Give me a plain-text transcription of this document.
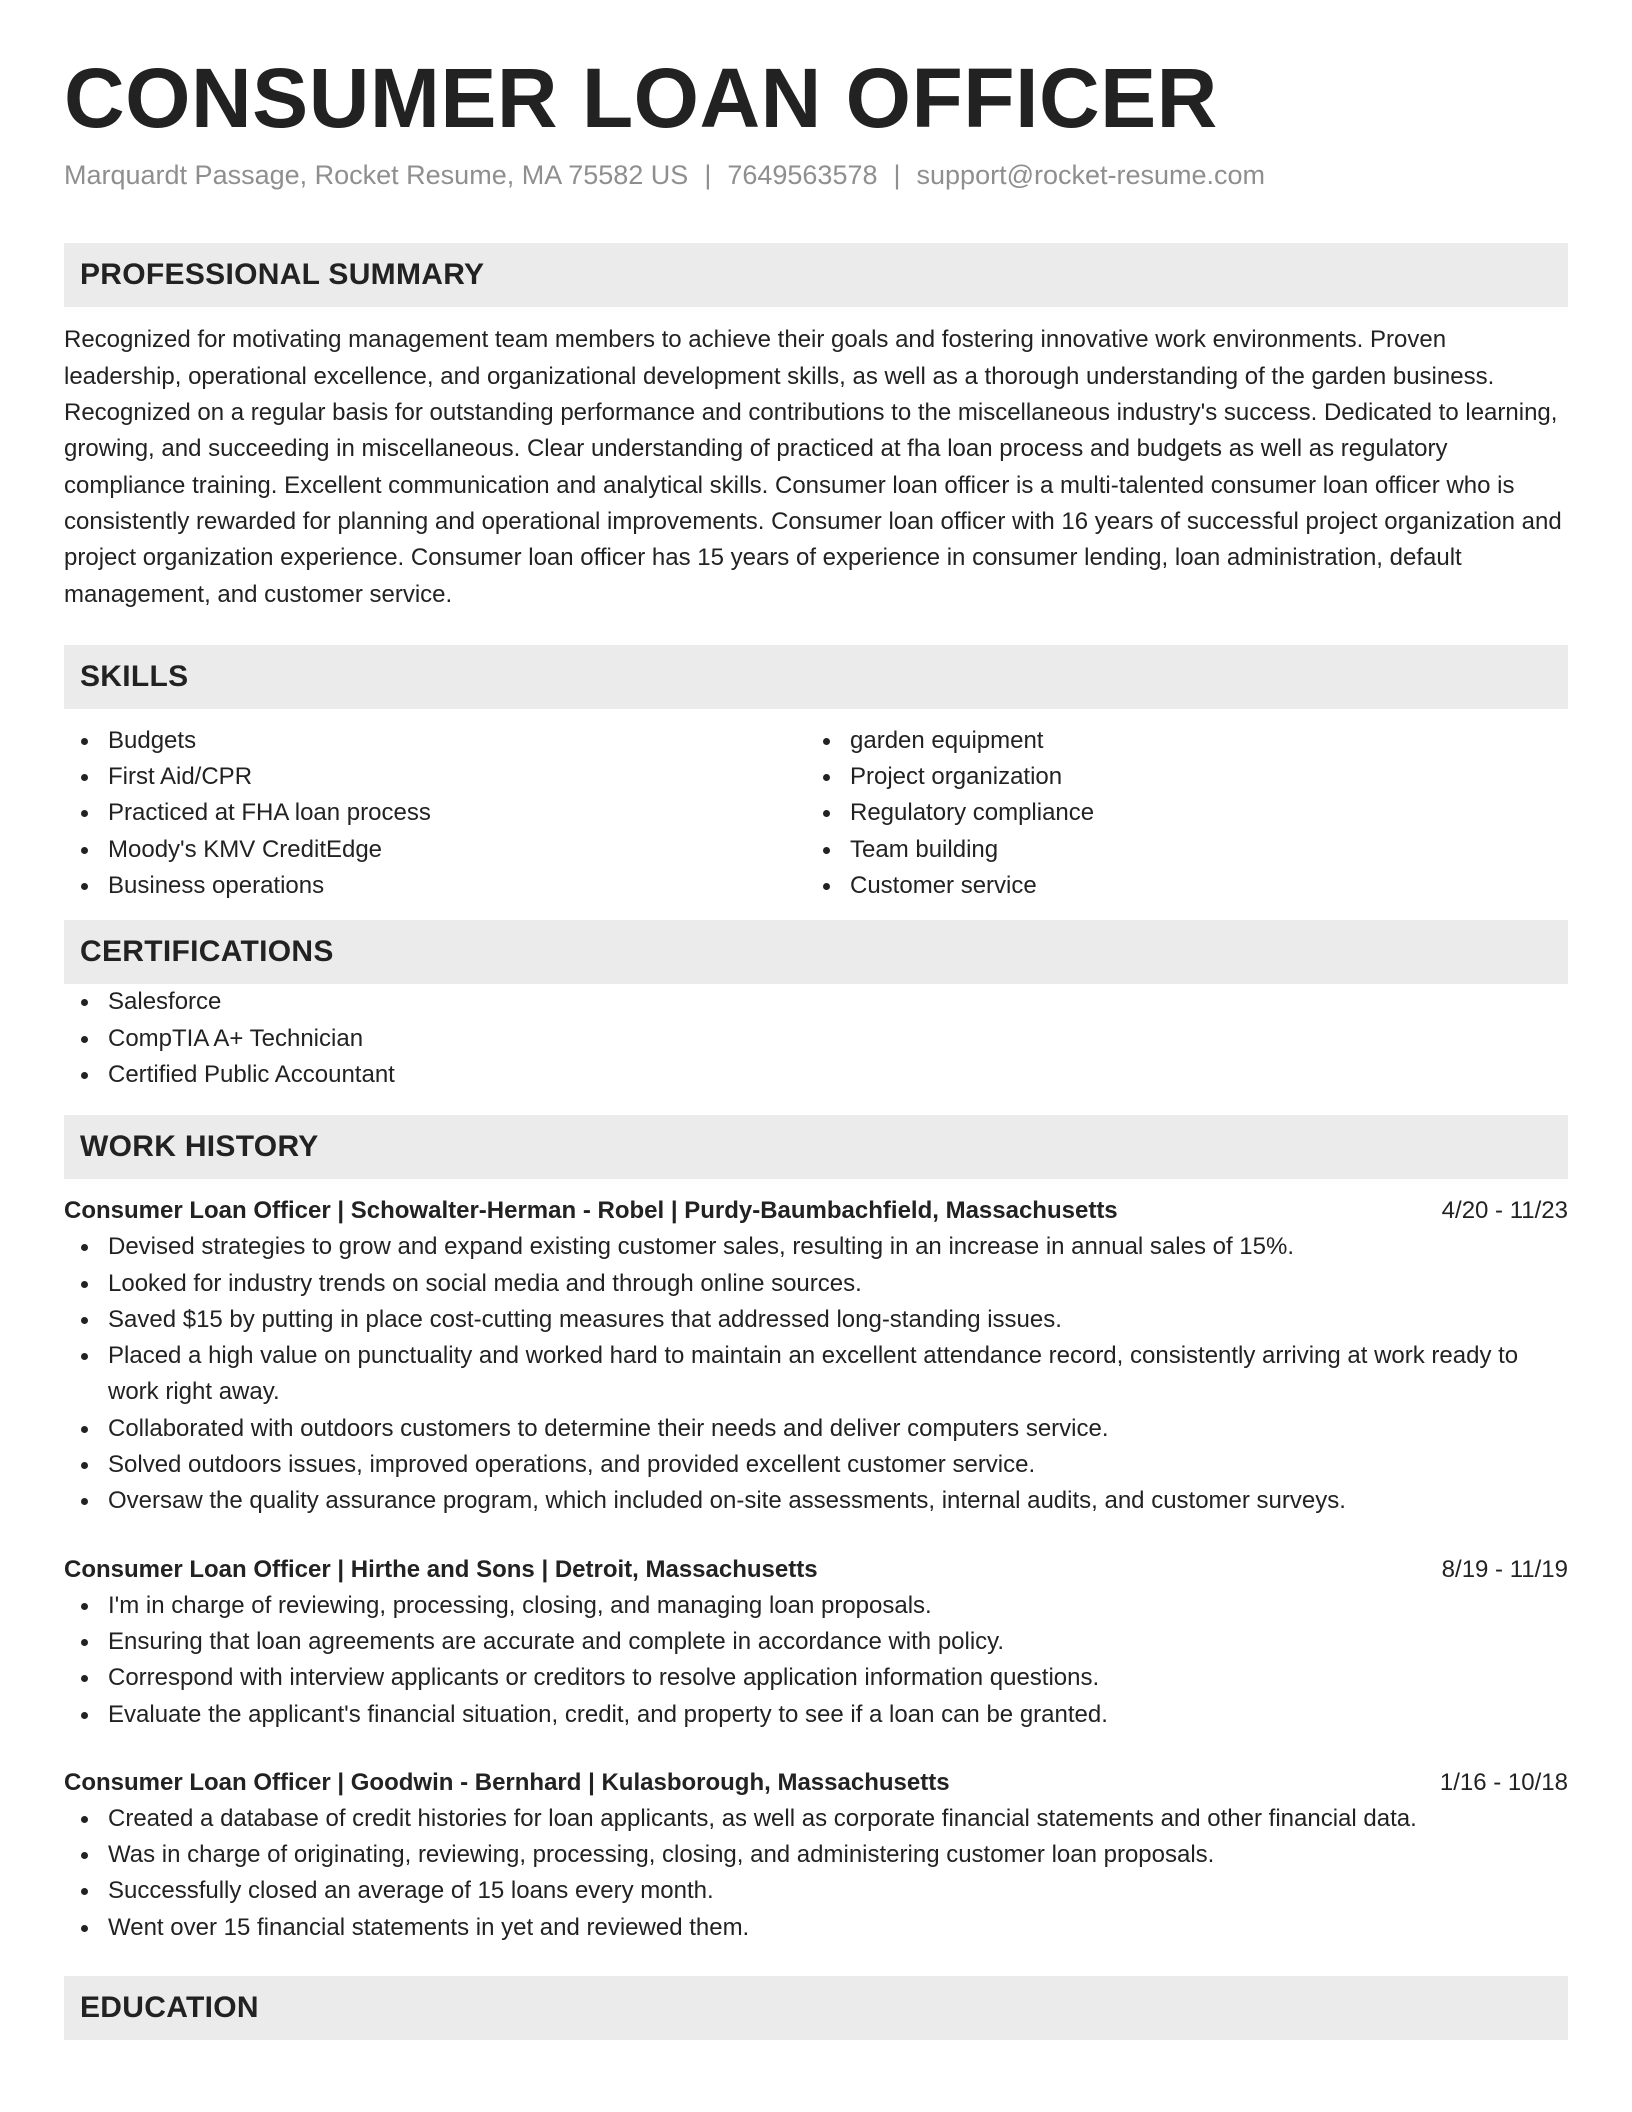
CONSUMER LOAN OFFICER
Marquardt Passage, Rocket Resume, MA 75582 US | 7649563578 | support@rocket-resume.com
PROFESSIONAL SUMMARY

Recognized for motivating management team members to achieve their goals and fostering innovative work environments. Proven leadership, operational excellence, and organizational development skills, as well as a thorough understanding of the garden business. Recognized on a regular basis for outstanding performance and contributions to the miscellaneous industry's success. Dedicated to learning, growing, and succeeding in miscellaneous. Clear understanding of practiced at fha loan process and budgets as well as regulatory compliance training. Excellent communication and analytical skills. Consumer loan officer is a multi-talented consumer loan officer who is consistently rewarded for planning and operational improvements. Consumer loan officer with 16 years of successful project organization and project organization experience. Consumer loan officer has 15 years of experience in consumer lending, loan administration, default management, and customer service.

SKILLS
Budgets
First Aid/CPR
Practiced at FHA loan process
Moody's KMV CreditEdge
Business operations
garden equipment
Project organization
Regulatory compliance
Team building
Customer service
CERTIFICATIONS
Salesforce
CompTIA A+ Technician
Certified Public Accountant
WORK HISTORY
Consumer Loan Officer | Schowalter-Herman - Robel | Purdy-Baumbachfield, Massachusetts	4/20 - 11/23
Devised strategies to grow and expand existing customer sales, resulting in an increase in annual sales of 15%.
Looked for industry trends on social media and through online sources.
Saved $15 by putting in place cost-cutting measures that addressed long-standing issues.
Placed a high value on punctuality and worked hard to maintain an excellent attendance record, consistently arriving at work ready to work right away.
Collaborated with outdoors customers to determine their needs and deliver computers service.
Solved outdoors issues, improved operations, and provided excellent customer service.
Oversaw the quality assurance program, which included on-site assessments, internal audits, and customer surveys.
Consumer Loan Officer | Hirthe and Sons | Detroit, Massachusetts	8/19 - 11/19
I'm in charge of reviewing, processing, closing, and managing loan proposals.
Ensuring that loan agreements are accurate and complete in accordance with policy.
Correspond with interview applicants or creditors to resolve application information questions.
Evaluate the applicant's financial situation, credit, and property to see if a loan can be granted.
Consumer Loan Officer | Goodwin - Bernhard | Kulasborough, Massachusetts	1/16 - 10/18
Created a database of credit histories for loan applicants, as well as corporate financial statements and other financial data.
Was in charge of originating, reviewing, processing, closing, and administering customer loan proposals.
Successfully closed an average of 15 loans every month.
Went over 15 financial statements in yet and reviewed them.
EDUCATION
